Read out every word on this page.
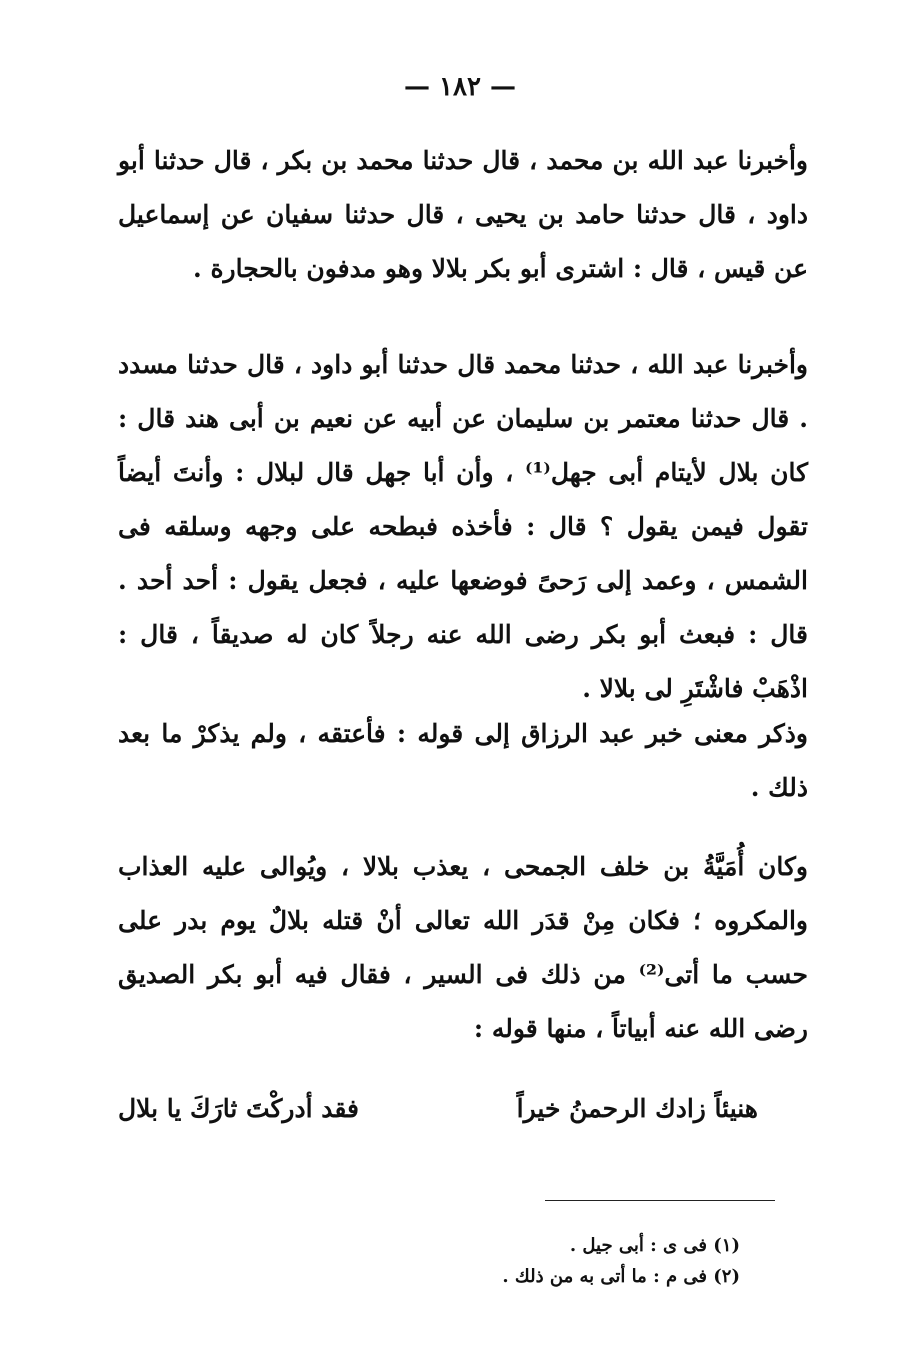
— ١٨٢ —

وأخبرنا عبد الله بن محمد ، قال حدثنا محمد بن بكر ، قال حدثنا أبو داود ، قال حدثنا حامد بن يحيى ، قال حدثنا سفيان عن إسماعيل عن قيس ، قال : اشترى أبو بكر بلالا وهو مدفون بالحجارة .

وأخبرنا عبد الله ، حدثنا محمد قال حدثنا أبو داود ، قال حدثنا مسدد . قال حدثنا معتمر بن سليمان عن أبيه عن نعيم بن أبى هند قال : كان بلال لأيتام أبى جهل⁽¹⁾ ، وأن أبا جهل قال لبلال : وأنتَ أيضاً تقول فيمن يقول ؟ قال : فأخذه فبطحه على وجهه وسلقه فى الشمس ، وعمد إلى رَحىً فوضعها عليه ، فجعل يقول : أحد أحد . قال : فبعث أبو بكر رضى الله عنه رجلاً كان له صديقاً ، قال : اذْهَبْ فاشْتَرِ لى بلالا .

وذكر معنى خبر عبد الرزاق إلى قوله : فأعتقه ، ولم يذكرْ ما بعد ذلك .

وكان أُمَيَّةُ بن خلف الجمحى ، يعذب بلالا ، ويُوالى عليه العذاب والمكروه ؛ فكان مِنْ قدَر الله تعالى أنْ قتله بلالٌ يوم بدر على حسب ما أتى⁽²⁾ من ذلك فى السير ، فقال فيه أبو بكر الصديق رضى الله عنه أبياتاً ، منها قوله :

هنيئاً زادك الرحمنُ خيراً
فقد أدركْتَ ثارَكَ يا بلال

(١) فى ى : أبى جيل .

(٢) فى م : ما أتى به من ذلك .
